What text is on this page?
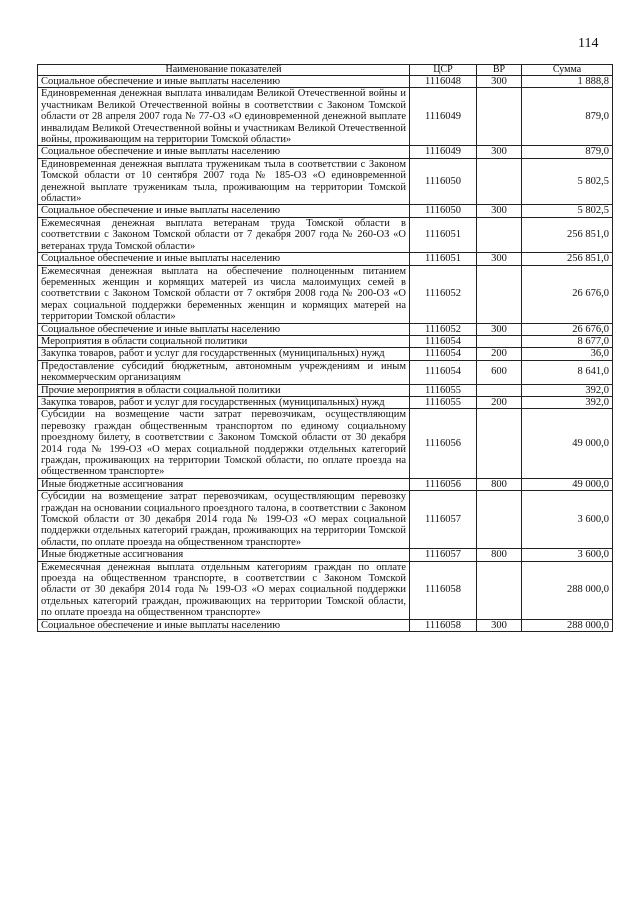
114
Наименование показателей	ЦСР	ВР	Сумма
Социальное обеспечение и иные выплаты населению	1116048	300	1 888,8
Единовременная денежная выплата инвалидам Великой Отечественной войны и участникам Великой Отечественной войны в соответствии с Законом Томской области от 28 апреля 2007 года № 77-ОЗ «О единовременной денежной выплате инвалидам Великой Отечественной войны и участникам Великой Отечественной войны, проживающим на территории Томской области»	1116049		879,0
Социальное обеспечение и иные выплаты населению	1116049	300	879,0
Единовременная денежная выплата труженикам тыла в соответствии с Законом Томской области от 10 сентября 2007 года № 185-ОЗ «О единовременной денежной выплате труженикам тыла, проживающим на территории Томской области»	1116050		5 802,5
Социальное обеспечение и иные выплаты населению	1116050	300	5 802,5
Ежемесячная денежная выплата ветеранам труда Томской области в соответствии с Законом Томской области от 7 декабря 2007 года № 260-ОЗ «О ветеранах труда Томской области»	1116051		256 851,0
Социальное обеспечение и иные выплаты населению	1116051	300	256 851,0
Ежемесячная денежная выплата на обеспечение полноценным питанием беременных женщин и кормящих матерей из числа малоимущих семей в соответствии с Законом Томской области от 7 октября 2008 года № 200-ОЗ «О мерах социальной поддержки беременных женщин и кормящих матерей на территории Томской области»	1116052		26 676,0
Социальное обеспечение и иные выплаты населению	1116052	300	26 676,0
Мероприятия в области социальной политики	1116054		8 677,0
Закупка товаров, работ и услуг для государственных (муниципальных) нужд	1116054	200	36,0
Предоставление субсидий бюджетным, автономным учреждениям и иным некоммерческим организациям	1116054	600	8 641,0
Прочие мероприятия в области социальной политики	1116055		392,0
Закупка товаров, работ и услуг для государственных (муниципальных) нужд	1116055	200	392,0
Субсидии на возмещение части затрат перевозчикам, осуществляющим перевозку граждан общественным транспортом по единому социальному проездному билету, в соответствии с Законом Томской области от 30 декабря 2014 года № 199-ОЗ «О мерах социальной поддержки отдельных категорий граждан, проживающих на территории Томской области, по оплате проезда на общественном транспорте»	1116056		49 000,0
Иные бюджетные ассигнования	1116056	800	49 000,0
Субсидии на возмещение затрат перевозчикам, осуществляющим перевозку граждан на основании социального проездного талона, в соответствии с Законом Томской области от 30 декабря 2014 года № 199-ОЗ «О мерах социальной поддержки отдельных категорий граждан, проживающих на территории Томской области, по оплате проезда на общественном транспорте»	1116057		3 600,0
Иные бюджетные ассигнования	1116057	800	3 600,0
Ежемесячная денежная выплата отдельным категориям граждан по оплате проезда на общественном транспорте, в соответствии с Законом Томской области от 30 декабря 2014 года № 199-ОЗ «О мерах социальной поддержки отдельных категорий граждан, проживающих на территории Томской области, по оплате проезда на общественном транспорте»	1116058		288 000,0
Социальное обеспечение и иные выплаты населению	1116058	300	288 000,0
